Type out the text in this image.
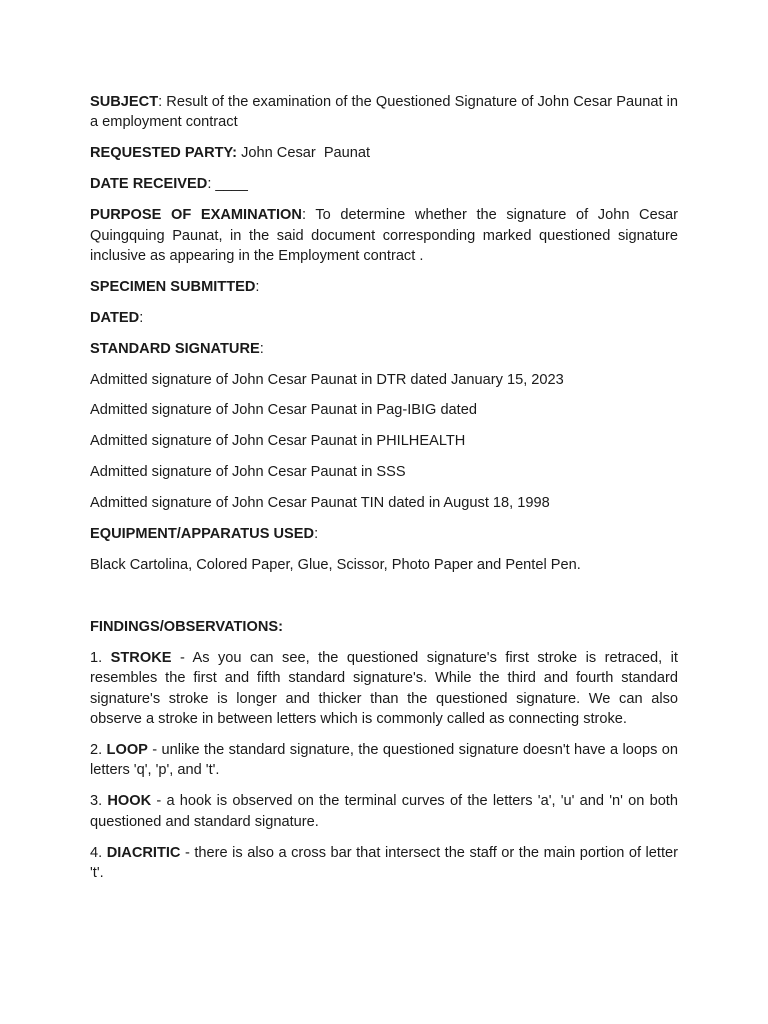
SUBJECT: Result of the examination of the Questioned Signature of John Cesar Paunat in a employment contract

REQUESTED PARTY: John Cesar  Paunat

DATE RECEIVED: ____

PURPOSE OF EXAMINATION: To determine whether the signature of John Cesar Quingquing Paunat, in the said document corresponding marked questioned signature inclusive as appearing in the Employment contract .

SPECIMEN SUBMITTED:

DATED:

STANDARD SIGNATURE:

Admitted signature of John Cesar Paunat in DTR dated January 15, 2023

Admitted signature of John Cesar Paunat in Pag-IBIG dated

Admitted signature of John Cesar Paunat in PHILHEALTH

Admitted signature of John Cesar Paunat in SSS

Admitted signature of John Cesar Paunat TIN dated in August 18, 1998

EQUIPMENT/APPARATUS USED:

Black Cartolina, Colored Paper, Glue, Scissor, Photo Paper and Pentel Pen.

FINDINGS/OBSERVATIONS:

1. STROKE - As you can see, the questioned signature's first stroke is retraced, it resembles the first and fifth standard signature's. While the third and fourth standard signature's stroke is longer and thicker than the questioned signature. We can also observe a stroke in between letters which is commonly called as connecting stroke.

2. LOOP - unlike the standard signature, the questioned signature doesn't have a loops on letters 'q', 'p', and 't'.

3. HOOK - a hook is observed on the terminal curves of the letters 'a', 'u' and 'n' on both questioned and standard signature.

4. DIACRITIC - there is also a cross bar that intersect the staff or the main portion of letter 't'.
